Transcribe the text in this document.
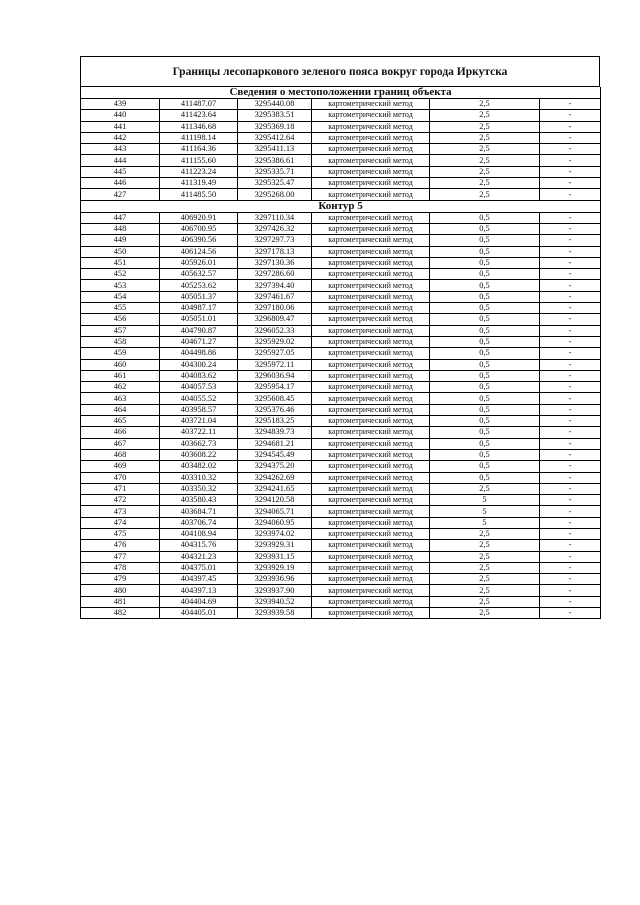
Границы лесопаркового зеленого пояса вокруг города Иркутска
Сведения о местоположении границ объекта					
439	411487.07	3295440.08	картометрический метод	2,5	-
440	411423.64	3295383.51	картометрический метод	2,5	-
441	411346.68	3295369.18	картометрический метод	2,5	-
442	411198.14	3295412.64	картометрический метод	2,5	-
443	411164.36	3295411.13	картометрический метод	2,5	-
444	411155.60	3295386.61	картометрический метод	2,5	-
445	411223.24	3295335.71	картометрический метод	2,5	-
446	411319.49	3295325.47	картометрический метод	2,5	-
427	411485.50	3295268.00	картометрический метод	2,5	-
Контур 5					
447	406920.91	3297110.34	картометрический метод	0,5	-
448	406700.95	3297426.32	картометрический метод	0,5	-
449	406390.56	3297297.73	картометрический метод	0,5	-
450	406124.56	3297178.13	картометрический метод	0,5	-
451	405926.01	3297130.36	картометрический метод	0,5	-
452	405632.57	3297286.60	картометрический метод	0,5	-
453	405253.62	3297394.40	картометрический метод	0,5	-
454	405051.37	3297461.67	картометрический метод	0,5	-
455	404987.17	3297180.06	картометрический метод	0,5	-
456	405051.01	3296809.47	картометрический метод	0,5	-
457	404790.87	3296052.33	картометрический метод	0,5	-
458	404671.27	3295929.02	картометрический метод	0,5	-
459	404498.86	3295927.05	картометрический метод	0,5	-
460	404300.24	3295972.11	картометрический метод	0,5	-
461	404083.62	3296036.94	картометрический метод	0,5	-
462	404057.53	3295954.17	картометрический метод	0,5	-
463	404055.52	3295608.45	картометрический метод	0,5	-
464	403958.57	3295376.46	картометрический метод	0,5	-
465	403721.04	3295183.25	картометрический метод	0,5	-
466	403722.11	3294839.73	картометрический метод	0,5	-
467	403662.73	3294681.21	картометрический метод	0,5	-
468	403608.22	3294545.49	картометрический метод	0,5	-
469	403482.02	3294375.20	картометрический метод	0,5	-
470	403310.32	3294262.69	картометрический метод	0,5	-
471	403350.32	3294241.65	картометрический метод	2,5	-
472	403580.43	3294120.58	картометрический метод	5	-
473	403684.71	3294065.71	картометрический метод	5	-
474	403706.74	3294060.95	картометрический метод	5	-
475	404108.94	3293974.02	картометрический метод	2,5	-
476	404315.76	3293929.31	картометрический метод	2,5	-
477	404321.23	3293931.15	картометрический метод	2,5	-
478	404375.01	3293929.19	картометрический метод	2,5	-
479	404397.45	3293936.96	картометрический метод	2,5	-
480	404397.13	3293937.90	картометрический метод	2,5	-
481	404404.69	3293940.52	картометрический метод	2,5	-
482	404405.01	3293939.58	картометрический метод	2,5	-
